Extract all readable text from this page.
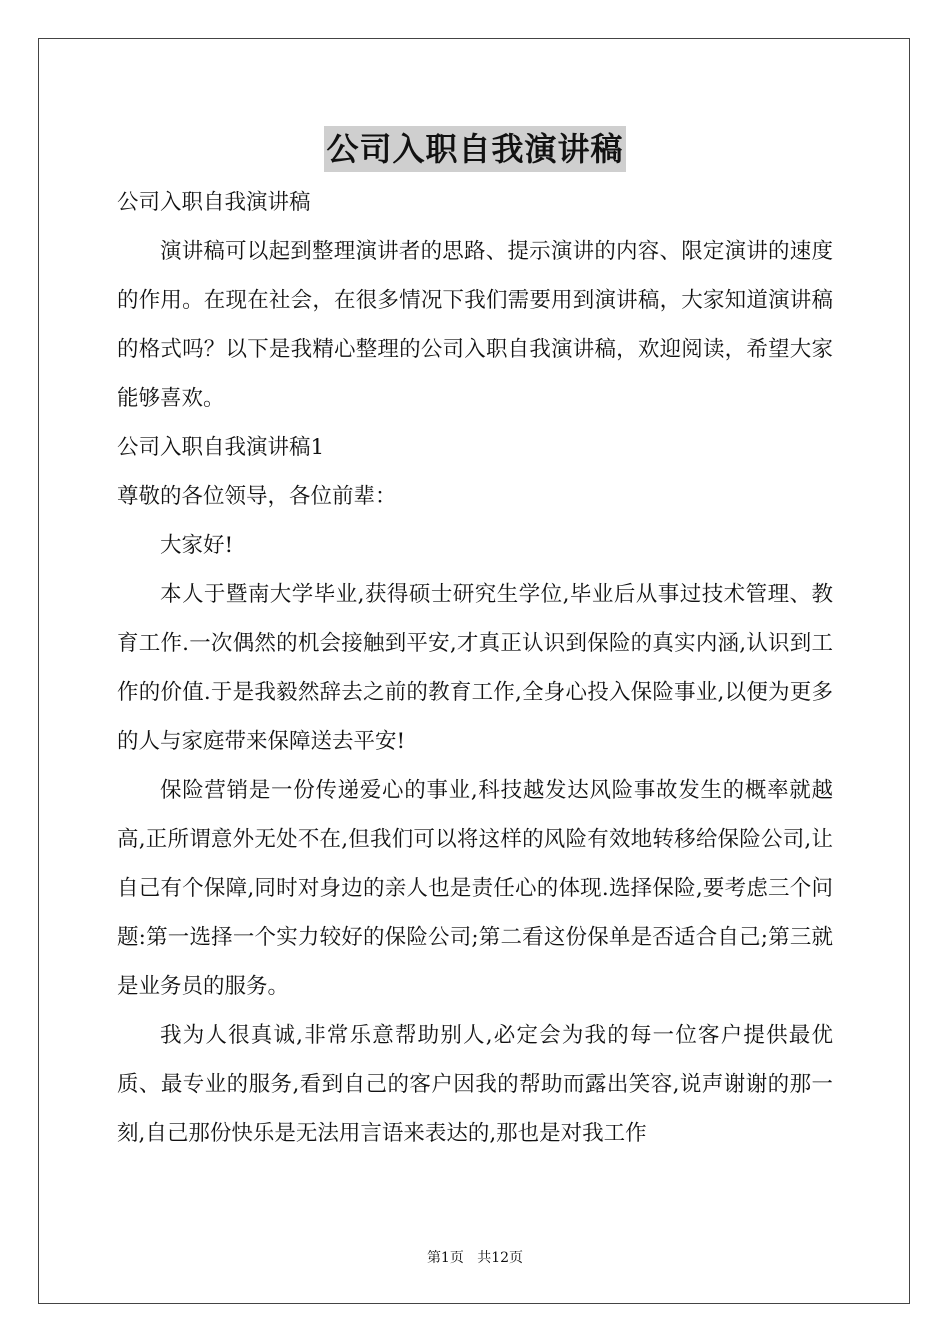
公司入职自我演讲稿

公司入职自我演讲稿

演讲稿可以起到整理演讲者的思路、提示演讲的内容、限定演讲的速度的作用。在现在社会，在很多情况下我们需要用到演讲稿，大家知道演讲稿的格式吗？以下是我精心整理的公司入职自我演讲稿，欢迎阅读，希望大家能够喜欢。

公司入职自我演讲稿1

尊敬的各位领导，各位前辈：

大家好!

本人于暨南大学毕业,获得硕士研究生学位,毕业后从事过技术管理、教育工作.一次偶然的机会接触到平安,才真正认识到保险的真实内涵,认识到工作的价值.于是我毅然辞去之前的教育工作,全身心投入保险事业,以便为更多的人与家庭带来保障送去平安!

保险营销是一份传递爱心的事业,科技越发达风险事故发生的概率就越高,正所谓意外无处不在,但我们可以将这样的风险有效地转移给保险公司,让自己有个保障,同时对身边的亲人也是责任心的体现.选择保险,要考虑三个问题:第一选择一个实力较好的保险公司;第二看这份保单是否适合自己;第三就是业务员的服务。

我为人很真诚,非常乐意帮助别人,必定会为我的每一位客户提供最优质、最专业的服务,看到自己的客户因我的帮助而露出笑容,说声谢谢的那一刻,自己那份快乐是无法用言语来表达的,那也是对我工作

第1页 共12页
